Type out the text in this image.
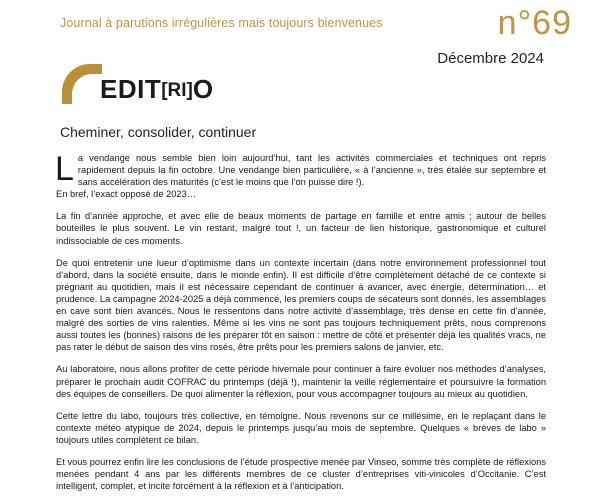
Journal à parutions irrégulières mais toujours bienvenues	n°69
Décembre 2024
EDIT[RI]O
Cheminer, consolider, continuer

La vendange nous semble bien loin aujourd’hui, tant les activités commerciales et techniques ont repris rapidement depuis la fin octobre. Une vendange bien particulière, « à l’ancienne », très étalée sur septembre et sans accélération des maturités (c’est le moins que l’on puisse dire !).
En bref, l’exact opposé de 2023…

La fin d’année approche, et avec elle de beaux moments de partage en famille et entre amis ; autour de belles bouteilles le plus souvent. Le vin restant, malgré tout !, un facteur de lien historique, gastronomique et culturel indissociable de ces moments.

De quoi entretenir une lueur d’optimisme dans un contexte incertain (dans notre environnement professionnel tout d’abord, dans la société ensuite, dans le monde enfin). Il est difficile d’être complètement détaché de ce contexte si prégnant au quotidien, mais il est nécessaire cependant de continuer à avancer, avec énergie, détermination… et prudence. La campagne 2024-2025 a déjà commencé, les premiers coups de sécateurs sont donnés, les assemblages en cave sont bien avancés. Nous le ressentons dans notre activité d’assemblage, très dense en cette fin d’année, malgré des sorties de vins ralenties. Même si les vins ne sont pas toujours techniquement prêts, nous comprenons aussi toutes les (bonnes) raisons de les préparer tôt en saison : mettre de côté et présenter déjà les qualités vracs, ne pas rater le début de saison des vins rosés, être prêts pour les premiers salons de janvier, etc.

Au laboratoire, nous allons profiter de cette période hivernale pour continuer à faire évoluer nos méthodes d’analyses, préparer le prochain audit COFRAC du printemps (déjà !), maintenir la veille réglementaire et poursuivre la formation des équipes de conseillers. De quoi alimenter la réflexion, pour vous accompagner toujours au mieux au quotidien.

Cette lettre du labo, toujours très collective, en témoigne. Nous revenons sur ce millésime, en le replaçant dans le contexte météo atypique de 2024, depuis le printemps jusqu’au mois de septembre. Quelques « brèves de labo » toujours utiles complètent ce bilan.

Et vous pourrez enfin lire les conclusions de l’étude prospective menée par Vinseo, somme très complète de réflexions menées pendant 4 ans par les différents membres de ce cluster d’entreprises viti-vinicoles d’Occitanie. C’est intelligent, complet, et incite forcément à la réflexion et à l’anticipation.
